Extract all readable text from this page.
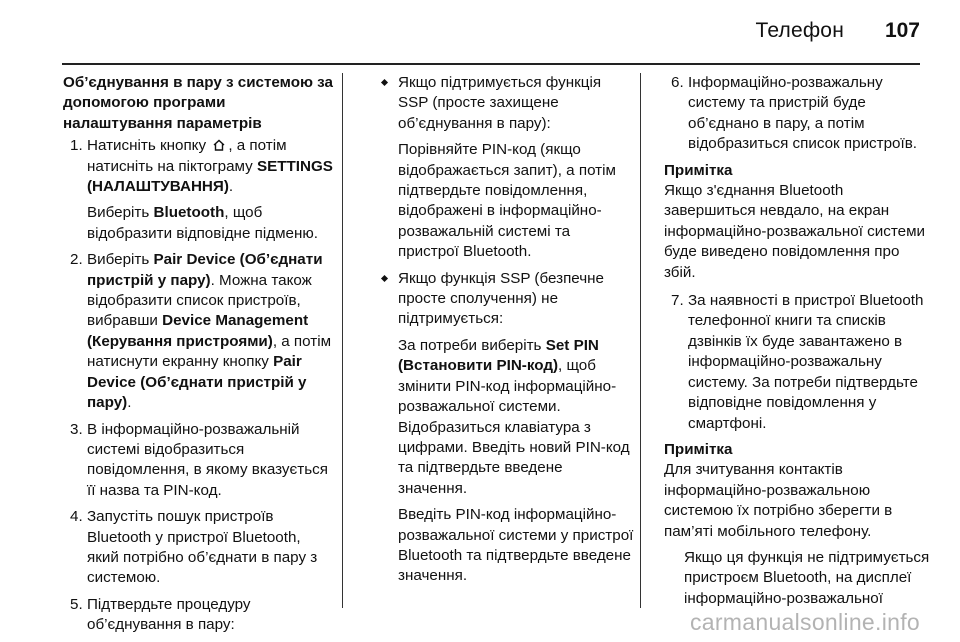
Телефон 107
Об’єднування в пару з системою за допомогою програми налаштування параметрів
1. Натисніть кнопку , а потім натисніть на піктограму SETTINGS (НАЛАШТУВАННЯ).

Виберіть Bluetooth, щоб відобразити відповідне підменю.

2. Виберіть Pair Device (Об’єднати пристрій у пару). Можна також відобразити список пристроїв, вибравши Device Management (Керування пристроями), а потім натиснути екранну кнопку Pair Device (Об’єднати пристрій у пару).

3. В інформаційно-розважальній системі відобразиться повідомлення, в якому вказується її назва та PIN-код.

4. Запустіть пошук пристроїв Bluetooth у пристрої Bluetooth, який потрібно об’єднати в пару з системою.

5. Підтвердьте процедуру об’єднування в пару:

Якщо підтримується функція SSP (просте захищене об’єднування в пару):

Порівняйте PIN-код (якщо відображається запит), а потім підтвердьте повідомлення, відображені в інформаційно-розважальній системі та пристрої Bluetooth.

Якщо функція SSP (безпечне просте сполучення) не підтримується:

За потреби виберіть Set PIN (Встановити PIN-код), щоб змінити PIN-код інформаційно-розважальної системи. Відобразиться клавіатура з цифрами. Введіть новий PIN-код та підтвердьте введене значення.

Введіть PIN-код інформаційно-розважальної системи у пристрої Bluetooth та підтвердьте введене значення.

6. Інформаційно-розважальну систему та пристрій буде об’єднано в пару, а потім відобразиться список пристроїв.

Примітка

Якщо з'єднання Bluetooth завершиться невдало, на екран інформаційно-розважальної системи буде виведено повідомлення про збій.

7. За наявності в пристрої Bluetooth телефонної книги та списків дзвінків їх буде завантажено в інформаційно-розважальну систему. За потреби підтвердьте відповідне повідомлення у смартфоні.

Примітка

Для зчитування контактів інформаційно-розважальною системою їх потрібно зберегти в пам’яті мобільного телефону.

Якщо ця функція не підтримується пристроєм Bluetooth, на дисплеї інформаційно-розважальної

carmanualsonline.info
